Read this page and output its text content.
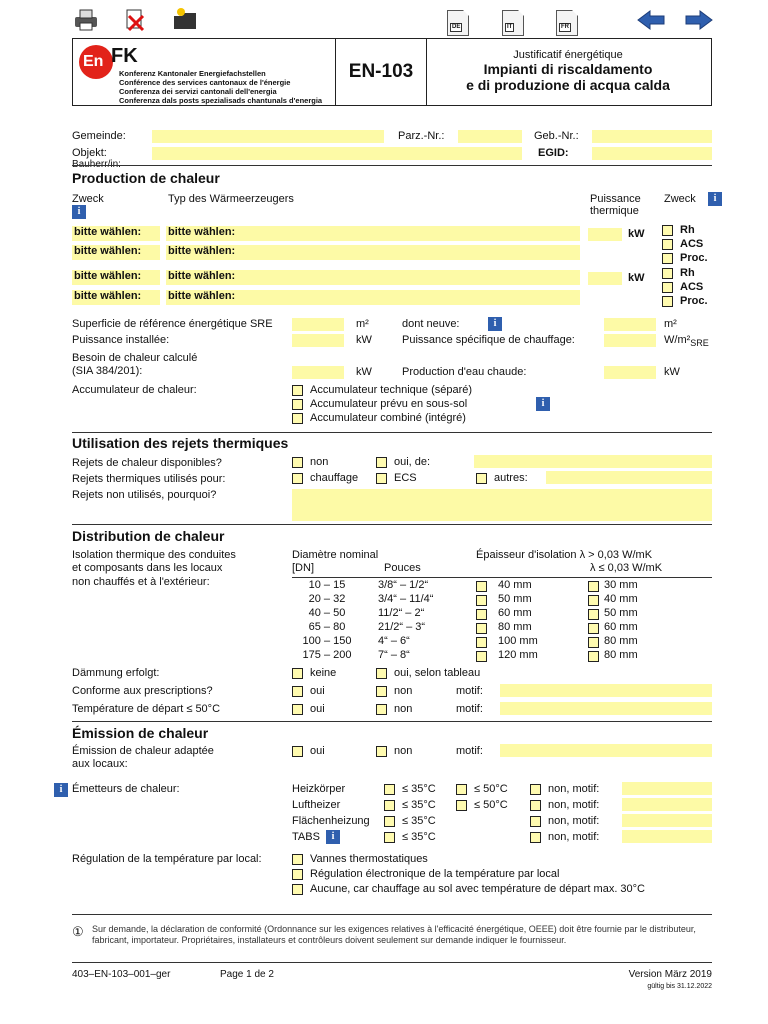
DE	IT	FR
En FK
Konferenz Kantonaler Energiefachstellen
Conférence des services cantonaux de l'énergie
Conferenza dei servizi cantonali dell'energia
Conferenza dals posts spezialisads chantunals d'energia
EN-103
Justificatif énergétique
Impianti di riscaldamento
e di produzione di acqua calda
Gemeinde:	Parz.-Nr.:	Geb.-Nr.:
Objekt:	EGID:
Production de chaleur
Zweck
i
Typ des Wärmeerzeugers	Puissance thermique
Zweck	i
bitte wählen:	bitte wählen:	kW
bitte wählen:	bitte wählen:
Rh
ACS
Proc.
bitte wählen:	bitte wählen:	kW
bitte wählen:	bitte wählen:
Rh
ACS
Proc.
Superficie de référence énergétique SRE	m²	dont neuve:	i	m²
Puissance installée:	kW	Puissance spécifique de chauffage:	$W/m^2_{SRE}$
Besoin de chaleur calculé
(SIA 384/201):	kW	Production d'eau chaude:	kW
Accumulateur de chaleur:	Accumulateur technique (séparé)
Accumulateur prévu en sous-sol	i
Accumulateur combiné (intégré)
Utilisation des rejets thermiques
Rejets de chaleur disponibles?	non	oui, de:
Rejets thermiques utilisés pour:	chauffage	ECS	autres:
Rejets non utilisés, pourquoi?
Distribution de chaleur
Isolation thermique des conduites
et composants dans les locaux
non chauffés et à l'extérieur:
Diamètre nominal [DN]	Pouces
Épaisseur d'isolation λ > 0,03 W/mK
λ ≤ 0,03 W/mK
10 – 15	3/8“ – 1/2“	40 mm	30 mm
20 – 32	3/4“ – 11/4“	50 mm	40 mm
40 – 50	11/2“ – 2“	60 mm	50 mm
65 – 80	21/2“ – 3“	80 mm	60 mm
100 – 150	4“ – 6“	100 mm	80 mm
175 – 200	7“ – 8“	120 mm	80 mm
Dämmung erfolgt:	keine	oui, selon tableau
Conforme aux prescriptions?	oui	non	motif:
Température de départ ≤ 50°C	oui	non	motif:
Émission de chaleur
Émission de chaleur adaptée
aux locaux:
oui	non	motif:
i Émetteurs de chaleur:	Heizkörper	≤ 35°C	≤ 50°C	non, motif:
Luftheizer	≤ 35°C	≤ 50°C	non, motif:
Flächenheizung	≤ 35°C	non, motif:
TABS	i	≤ 35°C	non, motif:
Régulation de la température par local:	Vannes thermostatiques
Régulation électronique de la température par local
Aucune, car chauffage au sol avec température de départ max. 30°C
① Sur demande, la déclaration de conformité (Ordonnance sur les exigences relatives à l'efficacité énergétique, OEEE) doit être fournie par le distributeur, fabricant, importateur. Propriétaires, installateurs et contrôleurs doivent seulement sur demande indiquer le fournisseur.
403–EN-103–001–ger	Page 1 de 2	Version März 2019
gültig bis 31.12.2022
